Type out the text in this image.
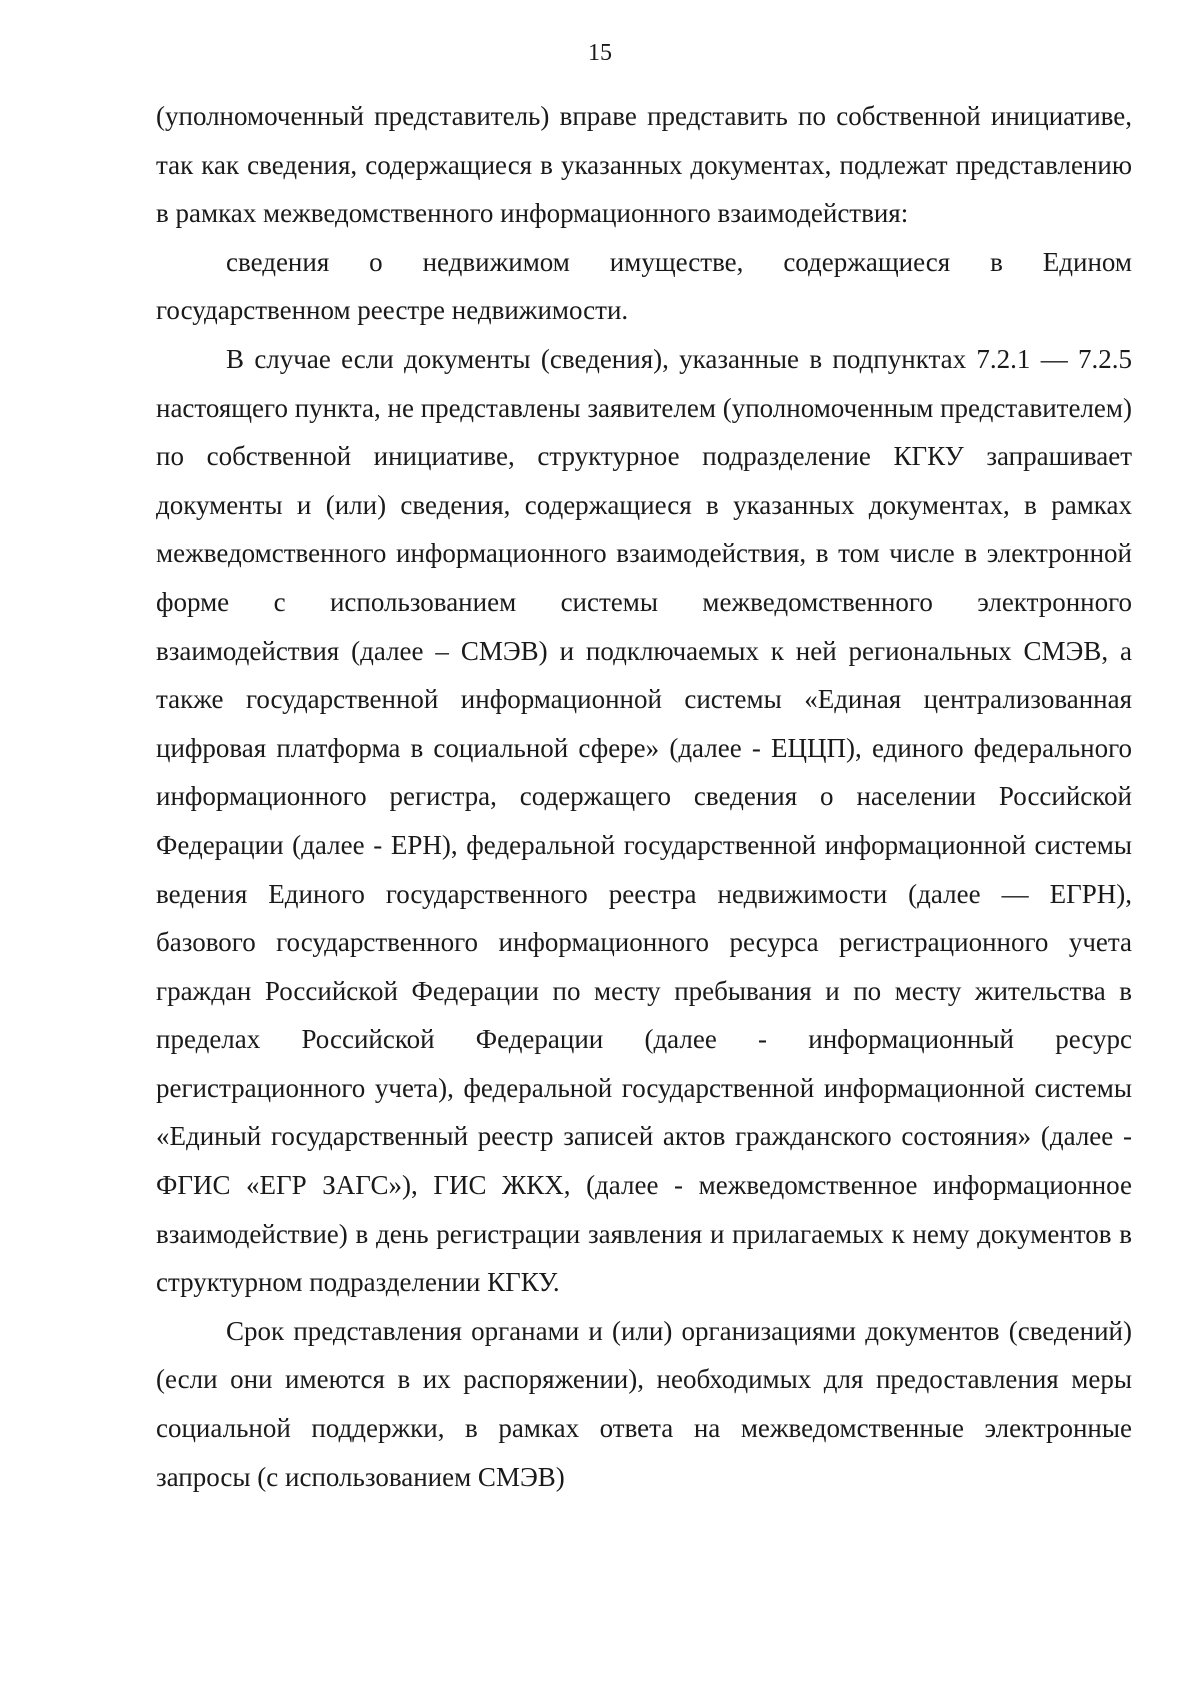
15

(уполномоченный представитель) вправе представить по собственной инициативе, так как сведения, содержащиеся в указанных документах, подлежат представлению в рамках межведомственного информационного взаимодействия:

сведения о недвижимом имуществе, содержащиеся в Едином государственном реестре недвижимости.

В случае если документы (сведения), указанные в подпунктах 7.2.1 — 7.2.5 настоящего пункта, не представлены заявителем (уполномоченным представителем) по собственной инициативе, структурное подразделение КГКУ запрашивает документы и (или) сведения, содержащиеся в указанных документах, в рамках межведомственного информационного взаимодействия, в том числе в электронной форме с использованием системы межведомственного электронного взаимодействия (далее – СМЭВ) и подключаемых к ней региональных СМЭВ, а также государственной информационной системы «Единая централизованная цифровая платформа в социальной сфере» (далее - ЕЦЦП), единого федерального информационного регистра, содержащего сведения о населении Российской Федерации (далее - ЕРН), федеральной государственной информационной системы ведения Единого государственного реестра недвижимости (далее — ЕГРН), базового государственного информационного ресурса регистрационного учета граждан Российской Федерации по месту пребывания и по месту жительства в пределах Российской Федерации (далее - информационный ресурс регистрационного учета), федеральной государственной информационной системы «Единый государственный реестр записей актов гражданского состояния» (далее - ФГИС «ЕГР ЗАГС»), ГИС ЖКХ, (далее - межведомственное информационное взаимодействие) в день регистрации заявления и прилагаемых к нему документов в структурном подразделении КГКУ.

Срок представления органами и (или) организациями документов (сведений) (если они имеются в их распоряжении), необходимых для предоставления меры социальной поддержки, в рамках ответа на межведомственные электронные запросы (с использованием СМЭВ)
